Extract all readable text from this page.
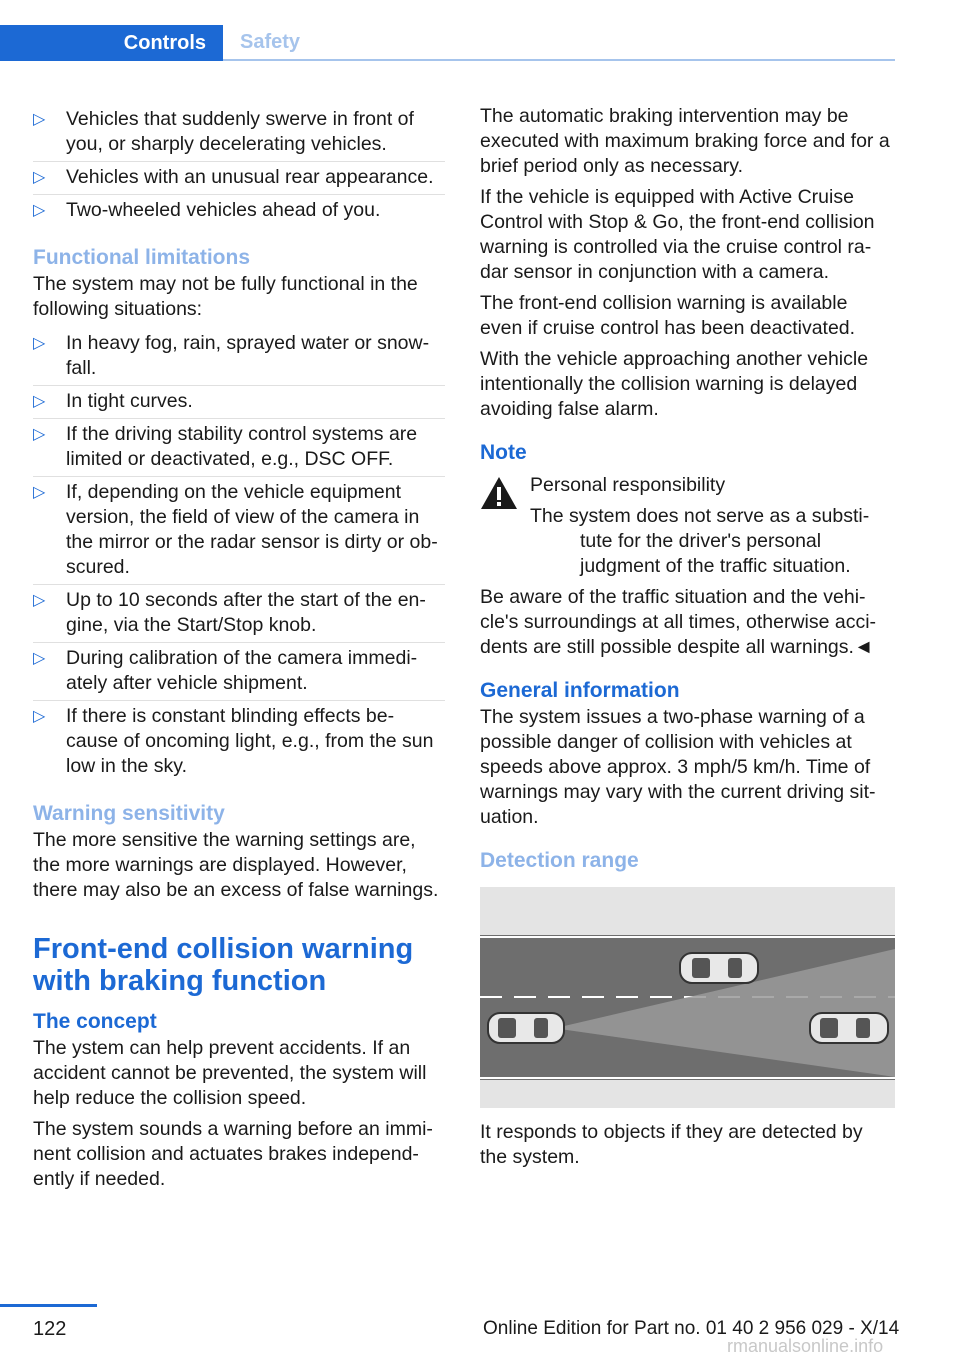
Controls	Safety
▷ Vehicles that suddenly swerve in front of you, or sharply decelerating vehicles.
▷ Vehicles with an unusual rear appearance.
▷ Two-wheeled vehicles ahead of you.
Functional limitations

The system may not be fully functional in the following situations:

▷ In heavy fog, rain, sprayed water or snow-fall.
▷ In tight curves.
▷ If the driving stability control systems are limited or deactivated, e.g., DSC OFF.
▷ If, depending on the vehicle equipment version, the field of view of the camera in the mirror or the radar sensor is dirty or ob-scured.
▷ Up to 10 seconds after the start of the en-gine, via the Start/Stop knob.
▷ During calibration of the camera immedi-ately after vehicle shipment.
▷ If there is constant blinding effects be-cause of oncoming light, e.g., from the sun low in the sky.
Warning sensitivity

The more sensitive the warning settings are, the more warnings are displayed. However, there may also be an excess of false warnings.

Front-end collision warning with braking function
The concept

The ystem can help prevent accidents. If an accident cannot be prevented, the system will help reduce the collision speed.

The system sounds a warning before an immi-nent collision and actuates brakes independ-ently if needed.

The automatic braking intervention may be executed with maximum braking force and for a brief period only as necessary.

If the vehicle is equipped with Active Cruise Control with Stop & Go, the front-end collision warning is controlled via the cruise control ra-dar sensor in conjunction with a camera.

The front-end collision warning is available even if cruise control has been deactivated.

With the vehicle approaching another vehicle intentionally the collision warning is delayed avoiding false alarm.

Note

Personal responsibility

The system does not serve as a substi-tute for the driver's personal judgment of the traffic situation.

Be aware of the traffic situation and the vehi-cle's surroundings at all times, otherwise acci-dents are still possible despite all warnings.◄

General information

The system issues a two-phase warning of a possible danger of collision with vehicles at speeds above approx. 3 mph/5 km/h. Time of warnings may vary with the current driving sit-uation.

Detection range

It responds to objects if they are detected by the system.

122	Online Edition for Part no. 01 40 2 956 029 - X/14
rmanualsonline.info
